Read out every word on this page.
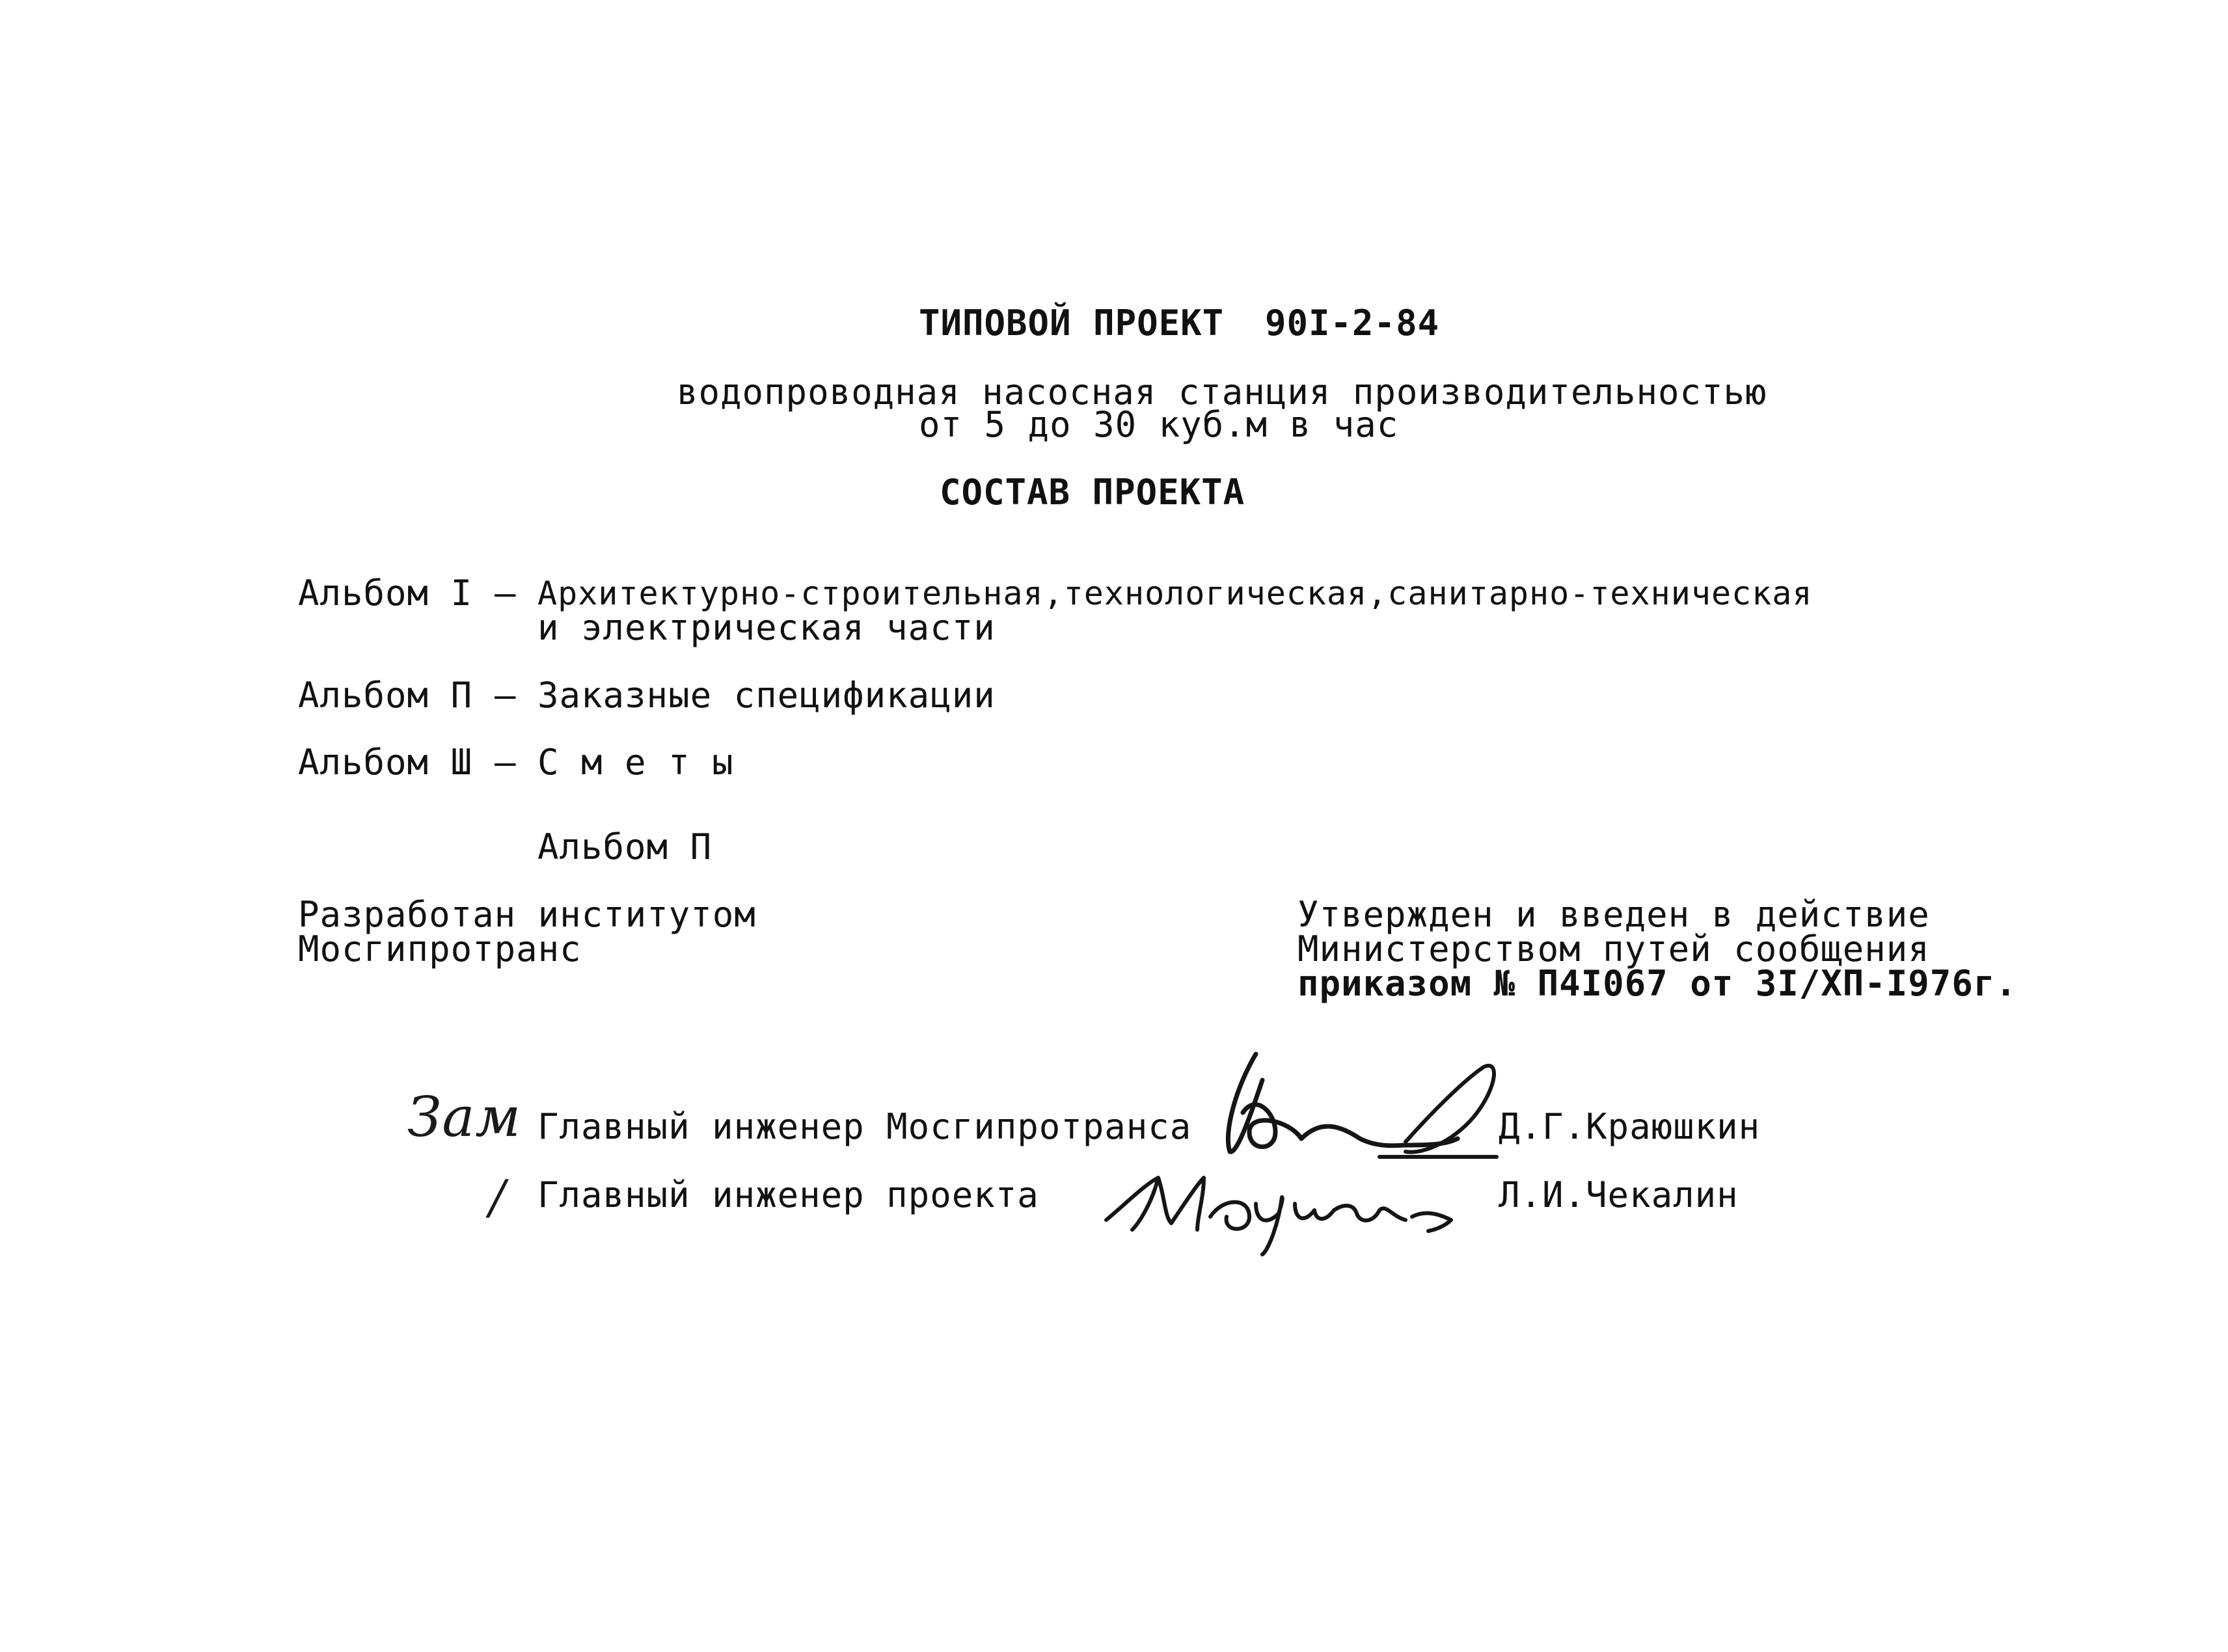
ТИПОВОЙ ПРОЕКТ 90I-2-84
водопроводная насосная станция производительностью
от 5 до 30 куб.м в час
СОСТАВ ПРОЕКТА
Альбом I – Архитектурно-строительная,технологическая,санитарно-техническая
и электрическая части
Альбом П – Заказные спецификации
Альбом Ш – С м е т ы
Альбом П
Разработан институтом
Мосгипротранс
Утвержден и введен в действие
Министерством путей сообщения
приказом № П4I067 от 3I/XП-I976г.
Зам Главный инженер Мосгипротранса	Д.Г.Краюшкин
/ Главный инженер проекта	Л.И.Чекалин
